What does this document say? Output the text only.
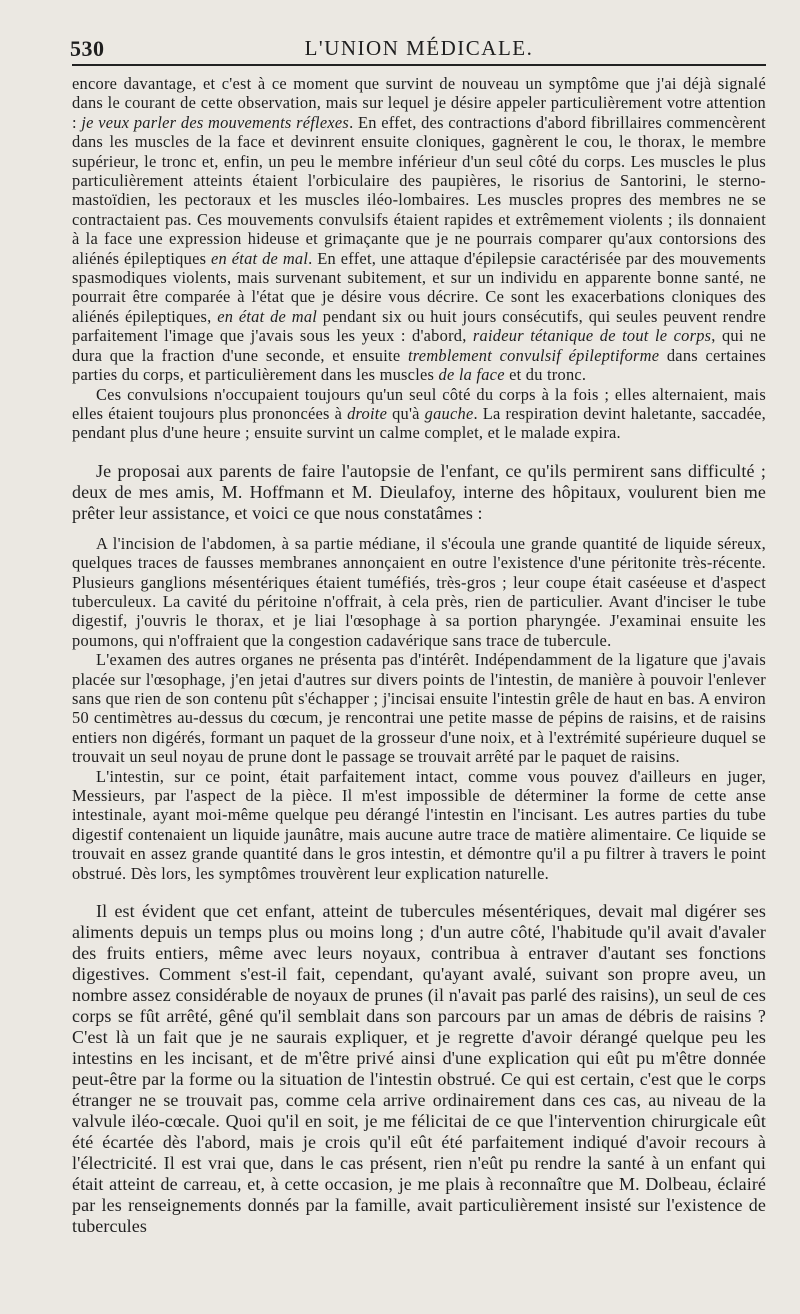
530	L'UNION MÉDICALE.

encore davantage, et c'est à ce moment que survint de nouveau un symptôme que j'ai déjà signalé dans le courant de cette observation, mais sur lequel je désire appeler particulièrement votre attention : je veux parler des mouvements réflexes. En effet, des contractions d'abord fibrillaires commencèrent dans les muscles de la face et devinrent ensuite cloniques, gagnèrent le cou, le thorax, le membre supérieur, le tronc et, enfin, un peu le membre inférieur d'un seul côté du corps. Les muscles le plus particulièrement atteints étaient l'orbiculaire des paupières, le risorius de Santorini, le sterno-mastoïdien, les pectoraux et les muscles iléo-lombaires. Les muscles propres des membres ne se contractaient pas. Ces mouvements convulsifs étaient rapides et extrêmement violents ; ils donnaient à la face une expression hideuse et grimaçante que je ne pourrais comparer qu'aux contorsions des aliénés épileptiques en état de mal. En effet, une attaque d'épilepsie caractérisée par des mouvements spasmodiques violents, mais survenant subitement, et sur un individu en apparente bonne santé, ne pourrait être comparée à l'état que je désire vous décrire. Ce sont les exacerbations cloniques des aliénés épileptiques, en état de mal pendant six ou huit jours consécutifs, qui seules peuvent rendre parfaitement l'image que j'avais sous les yeux : d'abord, raideur tétanique de tout le corps, qui ne dura que la fraction d'une seconde, et ensuite tremblement convulsif épileptiforme dans certaines parties du corps, et particulièrement dans les muscles de la face et du tronc.

Ces convulsions n'occupaient toujours qu'un seul côté du corps à la fois ; elles alternaient, mais elles étaient toujours plus prononcées à droite qu'à gauche. La respiration devint haletante, saccadée, pendant plus d'une heure ; ensuite survint un calme complet, et le malade expira.

Je proposai aux parents de faire l'autopsie de l'enfant, ce qu'ils permirent sans difficulté ; deux de mes amis, M. Hoffmann et M. Dieulafoy, interne des hôpitaux, voulurent bien me prêter leur assistance, et voici ce que nous constatâmes :

A l'incision de l'abdomen, à sa partie médiane, il s'écoula une grande quantité de liquide séreux, quelques traces de fausses membranes annonçaient en outre l'existence d'une péritonite très-récente. Plusieurs ganglions mésentériques étaient tuméfiés, très-gros ; leur coupe était caséeuse et d'aspect tuberculeux. La cavité du péritoine n'offrait, à cela près, rien de particulier. Avant d'inciser le tube digestif, j'ouvris le thorax, et je liai l'œsophage à sa portion pharyngée. J'examinai ensuite les poumons, qui n'offraient que la congestion cadavérique sans trace de tubercule.

L'examen des autres organes ne présenta pas d'intérêt. Indépendamment de la ligature que j'avais placée sur l'œsophage, j'en jetai d'autres sur divers points de l'intestin, de manière à pouvoir l'enlever sans que rien de son contenu pût s'échapper ; j'incisai ensuite l'intestin grêle de haut en bas. A environ 50 centimètres au-dessus du cœcum, je rencontrai une petite masse de pépins de raisins, et de raisins entiers non digérés, formant un paquet de la grosseur d'une noix, et à l'extrémité supérieure duquel se trouvait un seul noyau de prune dont le passage se trouvait arrêté par le paquet de raisins.

L'intestin, sur ce point, était parfaitement intact, comme vous pouvez d'ailleurs en juger, Messieurs, par l'aspect de la pièce. Il m'est impossible de déterminer la forme de cette anse intestinale, ayant moi-même quelque peu dérangé l'intestin en l'incisant. Les autres parties du tube digestif contenaient un liquide jaunâtre, mais aucune autre trace de matière alimentaire. Ce liquide se trouvait en assez grande quantité dans le gros intestin, et démontre qu'il a pu filtrer à travers le point obstrué. Dès lors, les symptômes trouvèrent leur explication naturelle.

Il est évident que cet enfant, atteint de tubercules mésentériques, devait mal digérer ses aliments depuis un temps plus ou moins long ; d'un autre côté, l'habitude qu'il avait d'avaler des fruits entiers, même avec leurs noyaux, contribua à entraver d'autant ses fonctions digestives. Comment s'est-il fait, cependant, qu'ayant avalé, suivant son propre aveu, un nombre assez considérable de noyaux de prunes (il n'avait pas parlé des raisins), un seul de ces corps se fût arrêté, gêné qu'il semblait dans son parcours par un amas de débris de raisins ? C'est là un fait que je ne saurais expliquer, et je regrette d'avoir dérangé quelque peu les intestins en les incisant, et de m'être privé ainsi d'une explication qui eût pu m'être donnée peut-être par la forme ou la situation de l'intestin obstrué. Ce qui est certain, c'est que le corps étranger ne se trouvait pas, comme cela arrive ordinairement dans ces cas, au niveau de la valvule iléo-cœcale. Quoi qu'il en soit, je me félicitai de ce que l'intervention chirurgicale eût été écartée dès l'abord, mais je crois qu'il eût été parfaitement indiqué d'avoir recours à l'électricité. Il est vrai que, dans le cas présent, rien n'eût pu rendre la santé à un enfant qui était atteint de carreau, et, à cette occasion, je me plais à reconnaître que M. Dolbeau, éclairé par les renseignements donnés par la famille, avait particulièrement insisté sur l'existence de tubercules
